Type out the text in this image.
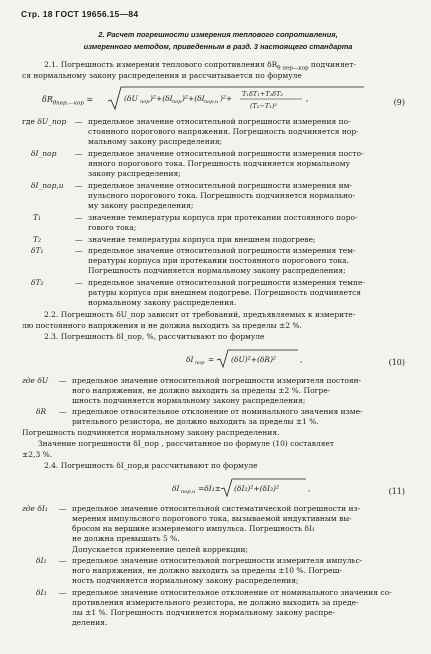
Стр. 18 ГОСТ 19656.15—84
2. Расчет погрешности измерения теплового сопротивления,
измеренного методом, приведенным в разд. 3 настоящего стандарта
2.1. Погрешность измерения теплового сопротивления $\delta R_{\theta пер—кор}$ подчиняет-
ся нормальному закону распределения и рассчитывается по формуле
$\delta R_{\theta пер.—кор}$ =	(δU пор )²+(δI пор )²+(δI пор,и )²+ T₁δT₁+T₂δT₂
(T₂−T₁)²
,	(9)
где δU_пор — предельное значение относительной погрешности измерения по-
стоянного порогового напряжения. Погрешность подчиняется нор-
мальному закону распределения;
δI_пор — предельное значение относительной погрешности измерения посто-
янного порогового тока. Погрешность подчиняется нормальному
закону распределения;
δI_пор,и — предельное значение относительной погрешности измерения им-
пульсного порогового тока. Погрешность подчиняется нормально-
му закону распределения;
T₁	— значение температуры корпуса при протекании постоянного поро-
гового тока;
T₂	— значение температуры корпуса при внешнем подогреве;
δT₁	— предельное значение относительной погрешности измерения тем-
пературы корпуса при протекании постоянного порогового тока.
Погрешность подчиняется нормальному закону распределения;
δT₂	— предельное значение относительной погрешности измерения темпе-
ратуры корпуса при внешнем подогреве. Погрешность подчиняется
нормальному закону распределения.
2.2. Погрешность δU_пор зависит от требований, предъявляемых к измерите-
лю постоянного напряжения и не должна выходить за пределы ±2 %.
2.3. Погрешность δI_пор, %, рассчитывают по формуле
δI пор = (δU)²+(δR)²	,	(10)
где δU — предельное значение относительной погрешности измерителя постоян-
ного напряжения, не должно выходить за пределы ±2 %. Погре-
шность подчиняется нормальному закону распределения;
δR — предельное относительное отклонение от номинального значения изме-
рительного резистора, не должно выходить за пределы ±1 %.
Погрешность подчиняется нормальному закону распределения.
Значение погрешности δI_пор , рассчитанное по формуле (10) составляет
±2,3 %.
2.4. Погрешность δI_пор,и рассчитывают по формуле
δI пор,и =δI₁± (δI₂)²+(δI₃)²	,	(11)
где δI₁ — предельное значение относительной систематической погрешности из-
мерения импульсного порогового тока, вызываемой индуктивным вы-
бросом на вершине измеряемого импульса. Погрешность δI₁
не должна превышать 5 %.
Допускается применение цепей коррекции;
δI₂ — предельное значение относительной погрешности измерителя импульс-
ного напряжения, не должно выходить за пределы ±10 %. Погреш-
ность подчиняется нормальному закону распределения;
δI₃ — предельное значение относительное отклонение от номинального значения со-
противления измерительного резистора, не должно выходить за преде-
лы ±1 %. Погрешность подчиняется нормальному закону распре-
деления.
